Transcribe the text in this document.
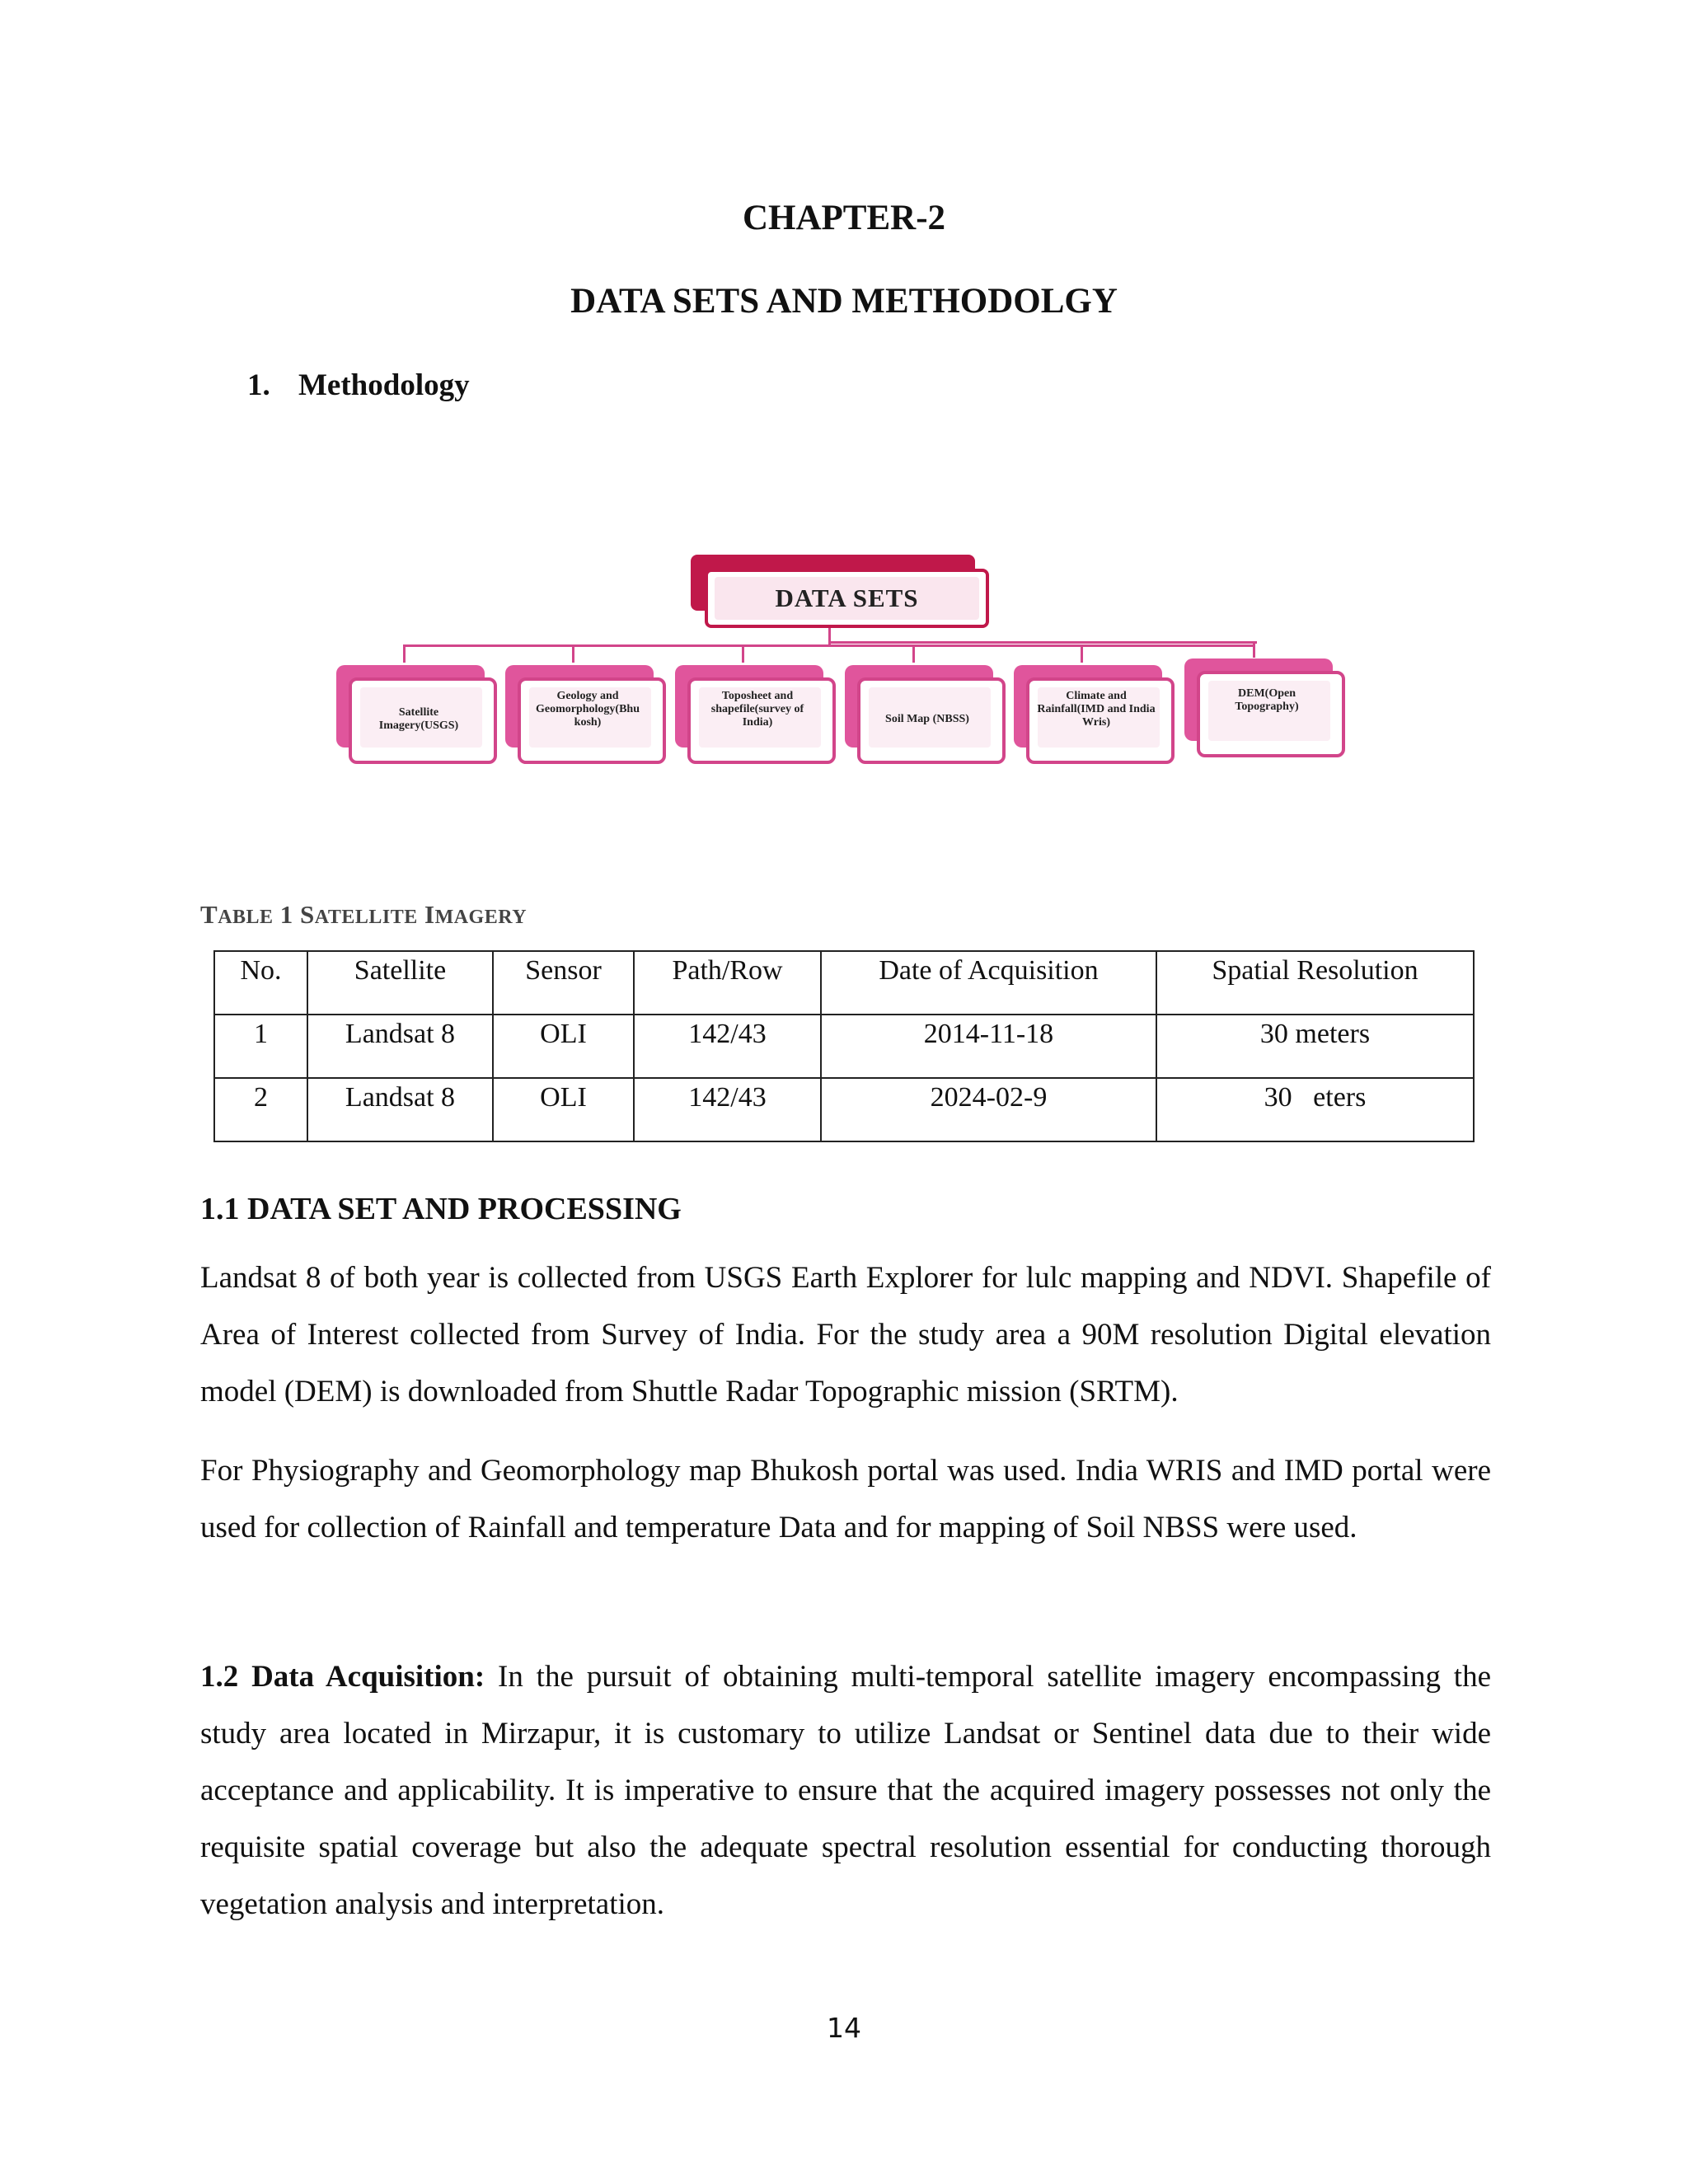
CHAPTER-2
DATA SETS AND METHODOLGY
1. Methodology
DATA SETS
Satellite Imagery(USGS)
Geology and Geomorphology(Bhu kosh)
Toposheet and shapefile(survey of India)	Soil Map (NBSS)
Climate and Rainfall(IMD and India Wris)
DEM(Open Topography)
TABLE 1 SATELLITE IMAGERY
No.	Satellite	Sensor	Path/Row	Date of Acquisition	Spatial Resolution
1	Landsat 8	OLI	142/43	2014-11-18	30 meters
2	Landsat 8	OLI	142/43	2024-02-9	30   eters
1.1 DATA SET AND PROCESSING
Landsat 8 of both year is collected from USGS Earth Explorer for lulc mapping and NDVI. Shapefile of Area of Interest collected from Survey of India. For the study area a 90M resolution Digital elevation model (DEM) is downloaded from Shuttle Radar Topographic mission (SRTM).
For Physiography and Geomorphology map Bhukosh portal was used. India WRIS and IMD portal were used for collection of Rainfall and temperature Data and for mapping of Soil NBSS were used.
1.2 Data Acquisition: In the pursuit of obtaining multi-temporal satellite imagery encompassing the study area located in Mirzapur, it is customary to utilize Landsat or Sentinel data due to their wide acceptance and applicability. It is imperative to ensure that the acquired imagery possesses not only the requisite spatial coverage but also the adequate spectral resolution essential for conducting thorough vegetation analysis and interpretation.
14
